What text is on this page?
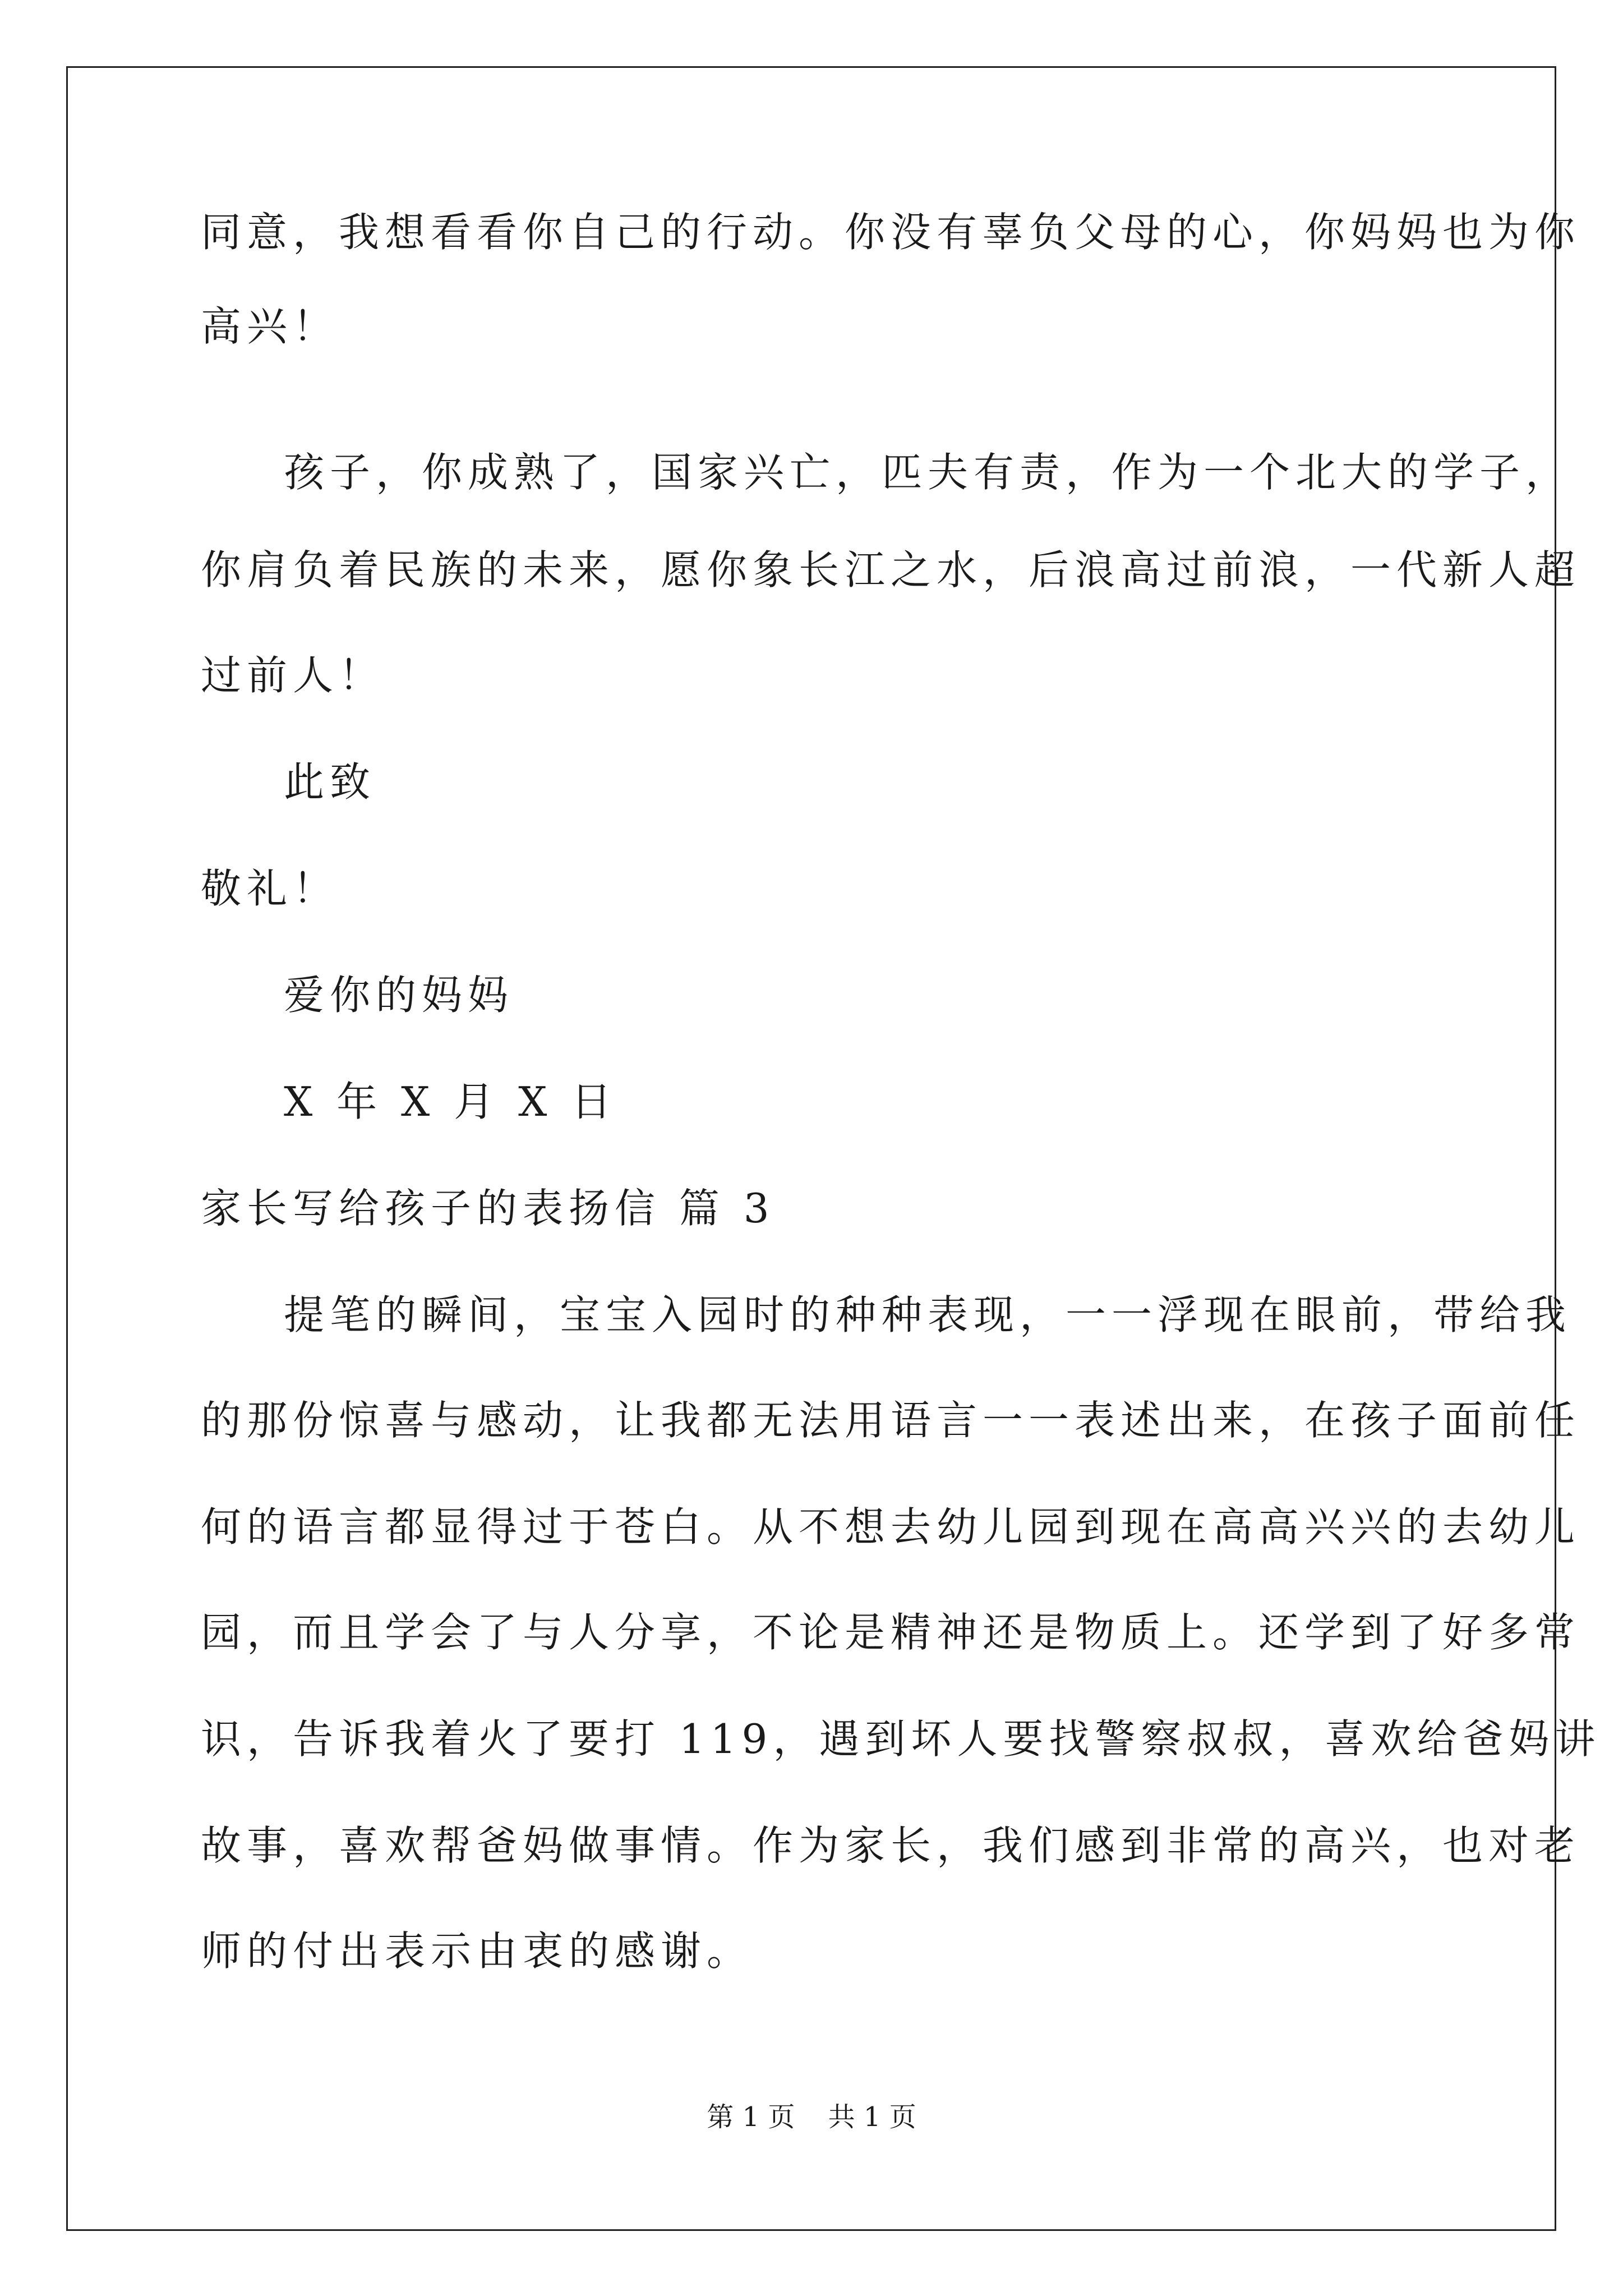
同意，我想看看你自己的行动。你没有辜负父母的心，你妈妈也为你
高兴！
孩子，你成熟了，国家兴亡，匹夫有责，作为一个北大的学子，
你肩负着民族的未来，愿你象长江之水，后浪高过前浪，一代新人超
过前人！
此致
敬礼！
爱你的妈妈
X 年 X 月 X 日
家长写给孩子的表扬信 篇 3
提笔的瞬间，宝宝入园时的种种表现，一一浮现在眼前，带给我
的那份惊喜与感动，让我都无法用语言一一表述出来，在孩子面前任
何的语言都显得过于苍白。从不想去幼儿园到现在高高兴兴的去幼儿
园，而且学会了与人分享，不论是精神还是物质上。还学到了好多常
识，告诉我着火了要打 119，遇到坏人要找警察叔叔，喜欢给爸妈讲
故事，喜欢帮爸妈做事情。作为家长，我们感到非常的高兴，也对老
师的付出表示由衷的感谢。
第 1 页 共 1 页
